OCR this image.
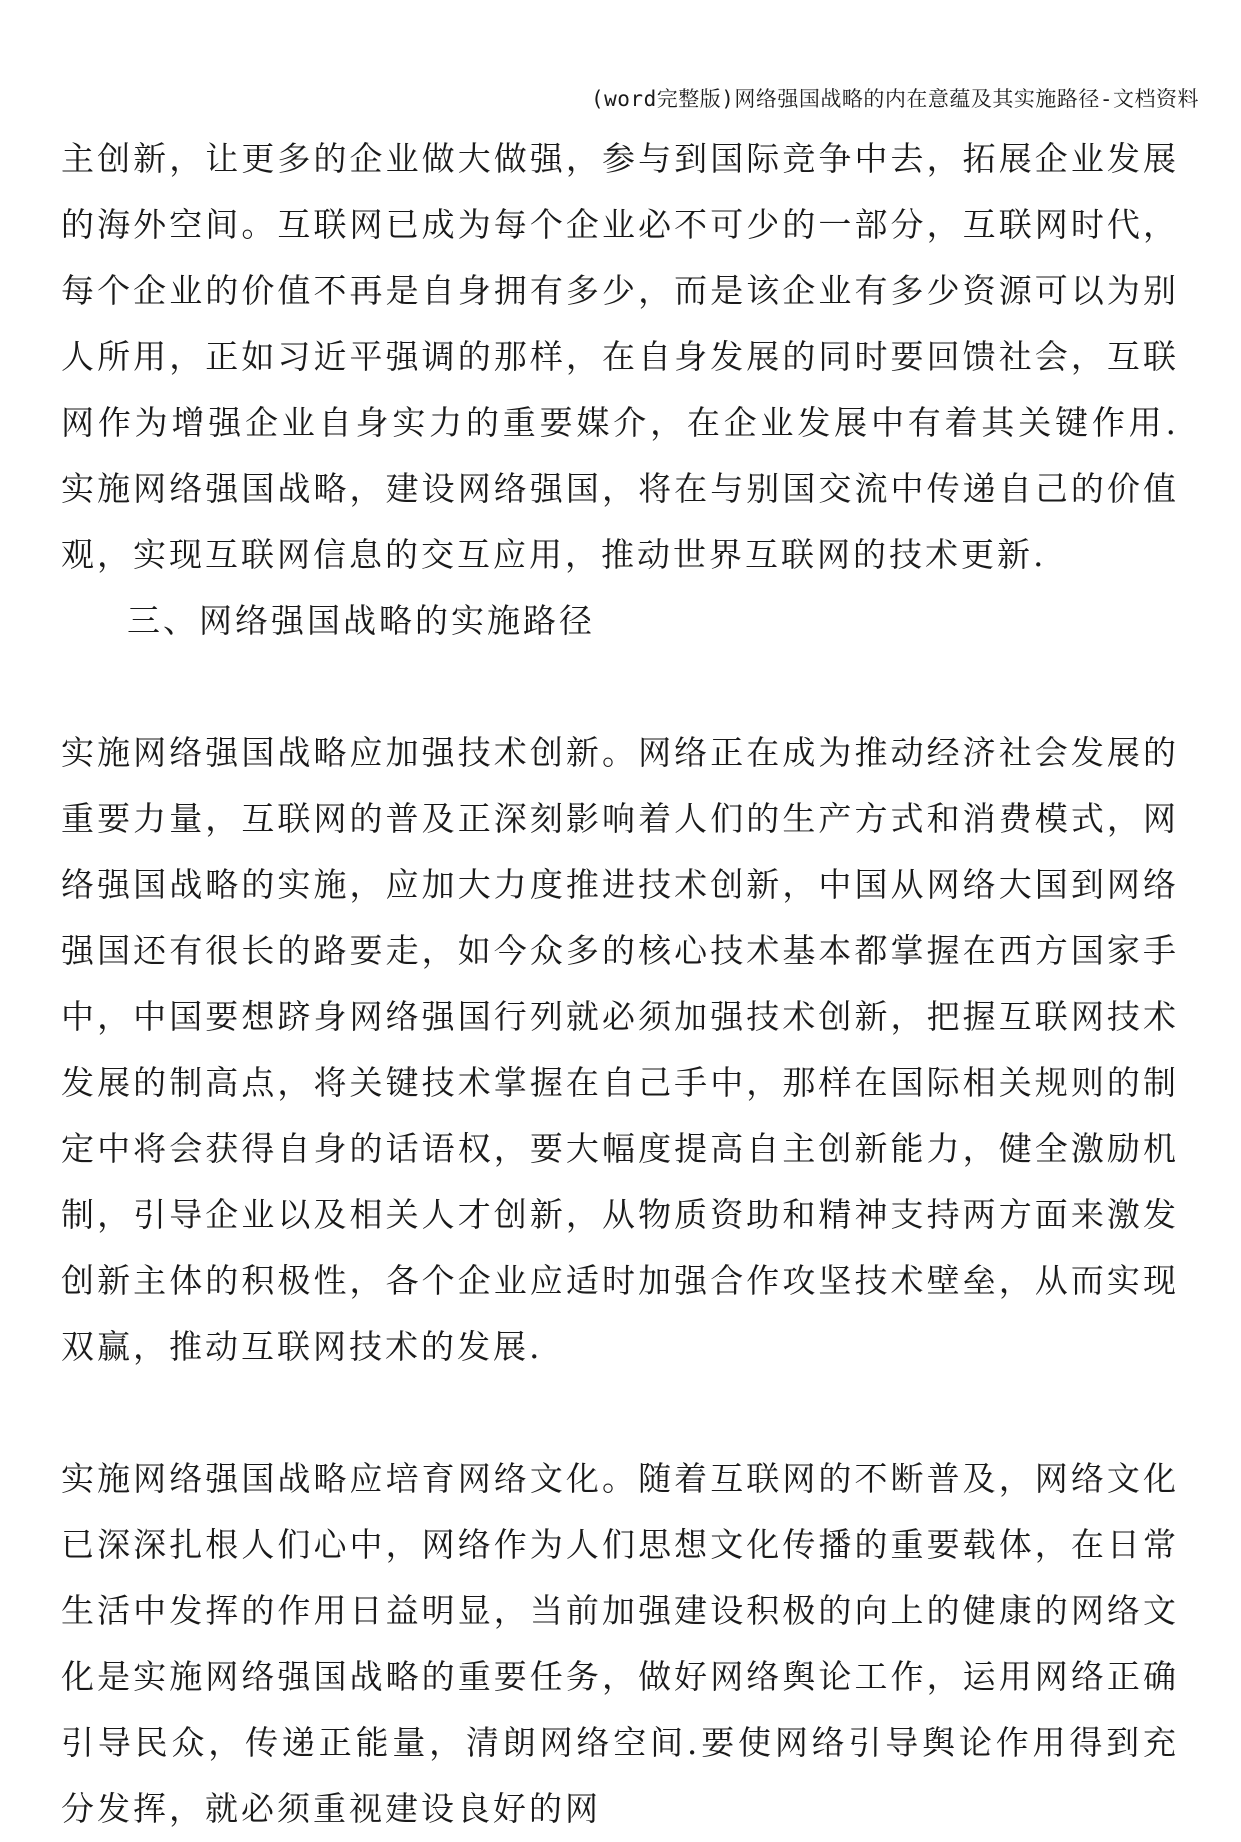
(word完整版)网络强国战略的内在意蕴及其实施路径-文档资料

主创新，让更多的企业做大做强，参与到国际竞争中去，拓展企业发展的海外空间。互联网已成为每个企业必不可少的一部分，互联网时代，每个企业的价值不再是自身拥有多少，而是该企业有多少资源可以为别人所用，正如习近平强调的那样，在自身发展的同时要回馈社会，互联网作为增强企业自身实力的重要媒介，在企业发展中有着其关键作用.实施网络强国战略，建设网络强国，将在与别国交流中传递自己的价值观，实现互联网信息的交互应用，推动世界互联网的技术更新.

三、网络强国战略的实施路径

实施网络强国战略应加强技术创新。网络正在成为推动经济社会发展的重要力量，互联网的普及正深刻影响着人们的生产方式和消费模式，网络强国战略的实施，应加大力度推进技术创新，中国从网络大国到网络强国还有很长的路要走，如今众多的核心技术基本都掌握在西方国家手中，中国要想跻身网络强国行列就必须加强技术创新，把握互联网技术发展的制高点，将关键技术掌握在自己手中，那样在国际相关规则的制定中将会获得自身的话语权，要大幅度提高自主创新能力，健全激励机制，引导企业以及相关人才创新，从物质资助和精神支持两方面来激发创新主体的积极性，各个企业应适时加强合作攻坚技术壁垒，从而实现双赢，推动互联网技术的发展.

实施网络强国战略应培育网络文化。随着互联网的不断普及，网络文化已深深扎根人们心中，网络作为人们思想文化传播的重要载体，在日常生活中发挥的作用日益明显，当前加强建设积极的向上的健康的网络文化是实施网络强国战略的重要任务，做好网络舆论工作，运用网络正确引导民众，传递正能量，清朗网络空间.要使网络引导舆论作用得到充分发挥，就必须重视建设良好的网
